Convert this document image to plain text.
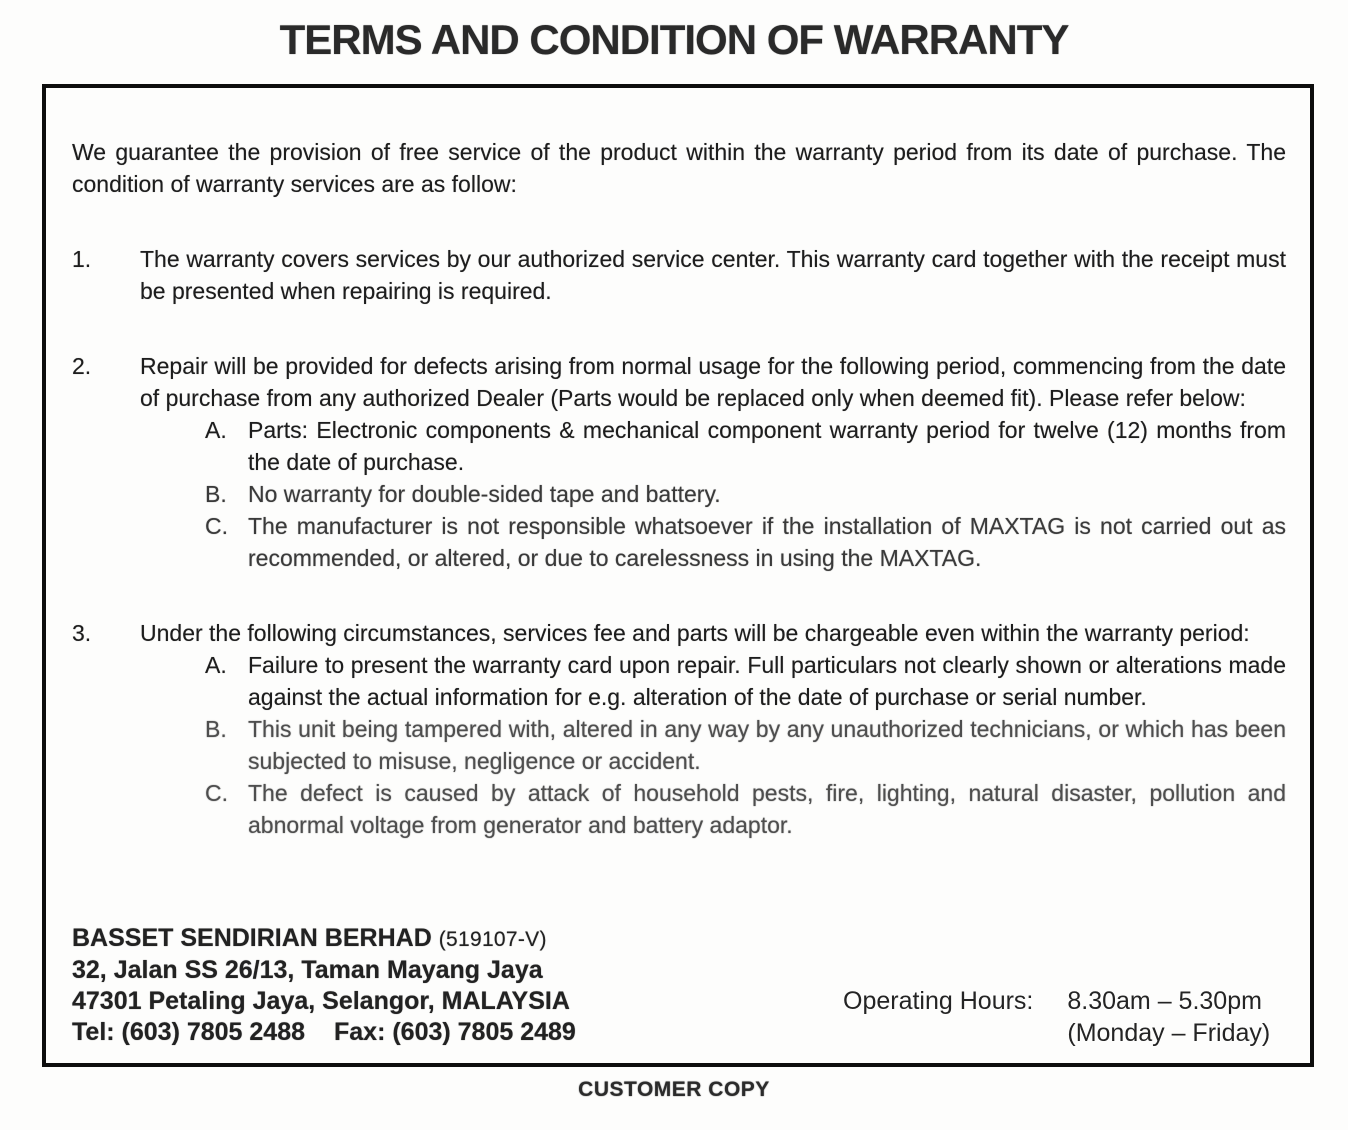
TERMS AND CONDITION OF WARRANTY

We guarantee the provision of free service of the product within the warranty period from its date of purchase. The condition of warranty services are as follow:

1.	The warranty covers services by our authorized service center. This warranty card together with the receipt must be presented when repairing is required.
2.	Repair will be provided for defects arising from normal usage for the following period, commencing from the date of purchase from any authorized Dealer (Parts would be replaced only when deemed fit). Please refer below:
A. Parts: Electronic components & mechanical component warranty period for twelve (12) months from the date of purchase.
B. No warranty for double-sided tape and battery.
C. The manufacturer is not responsible whatsoever if the installation of MAXTAG is not carried out as recommended, or altered, or due to carelessness in using the MAXTAG.
3.	Under the following circumstances, services fee and parts will be chargeable even within the warranty period:
A. Failure to present the warranty card upon repair. Full particulars not clearly shown or alterations made against the actual information for e.g. alteration of the date of purchase or serial number.
B. This unit being tampered with, altered in any way by any unauthorized technicians, or which has been subjected to misuse, negligence or accident.
C. The defect is caused by attack of household pests, fire, lighting, natural disaster, pollution and abnormal voltage from generator and battery adaptor.
BASSET SENDIRIAN BERHAD (519107-V)
32, Jalan SS 26/13, Taman Mayang Jaya
47301 Petaling Jaya, Selangor, MALAYSIA
Tel: (603) 7805 2488 Fax: (603) 7805 2489
Operating Hours: 8.30am – 5.30pm
(Monday – Friday)
CUSTOMER COPY
